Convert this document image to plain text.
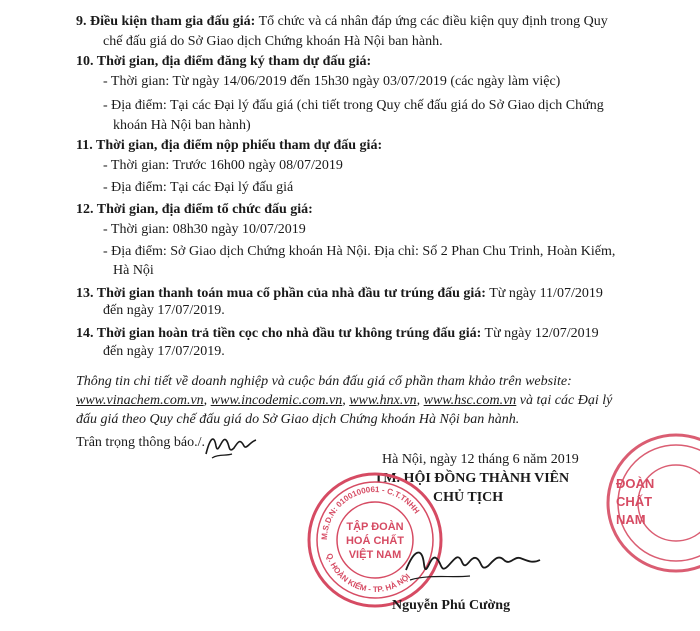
9. Điều kiện tham gia đấu giá: Tổ chức và cá nhân đáp ứng các điều kiện quy định trong Quy
chế đấu giá do Sở Giao dịch Chứng khoán Hà Nội ban hành.
10. Thời gian, địa điểm đăng ký tham dự đấu giá:
- Thời gian: Từ ngày 14/06/2019 đến 15h30 ngày 03/07/2019 (các ngày làm việc)
- Địa điểm: Tại các Đại lý đấu giá (chi tiết trong Quy chế đấu giá do Sở Giao dịch Chứng
khoán Hà Nội ban hành)
11. Thời gian, địa điểm nộp phiếu tham dự đấu giá:
- Thời gian: Trước 16h00 ngày 08/07/2019
- Địa điểm: Tại các Đại lý đấu giá
12. Thời gian, địa điểm tổ chức đấu giá:
- Thời gian: 08h30 ngày 10/07/2019
- Địa điểm: Sở Giao dịch Chứng khoán Hà Nội. Địa chỉ: Số 2 Phan Chu Trinh, Hoàn Kiếm,
Hà Nội
13. Thời gian thanh toán mua cổ phần của nhà đầu tư trúng đấu giá: Từ ngày 11/07/2019
đến ngày 17/07/2019.
14. Thời gian hoàn trả tiền cọc cho nhà đầu tư không trúng đấu giá: Từ ngày 12/07/2019
đến ngày 17/07/2019.
Thông tin chi tiết về doanh nghiệp và cuộc bán đấu giá cổ phần tham khảo trên website:
www.vinachem.com.vn, www.incodemic.com.vn, www.hnx.vn, www.hsc.com.vn và tại các Đại lý
đấu giá theo Quy chế đấu giá do Sở Giao dịch Chứng khoán Hà Nội ban hành.
Trân trọng thông báo./.
Hà Nội, ngày 12 tháng 6 năm 2019
TM. HỘI ĐỒNG THÀNH VIÊN
CHỦ TỊCH
ĐOÀN
CHẤT
NAM
M.S.D.N: 0100100061 - C.T.TNHH
TẬP ĐOÀN
HOÁ CHẤT
VIỆT NAM
Q. HOÀN KIẾM - TP. HÀ NỘI
Nguyễn Phú Cường
